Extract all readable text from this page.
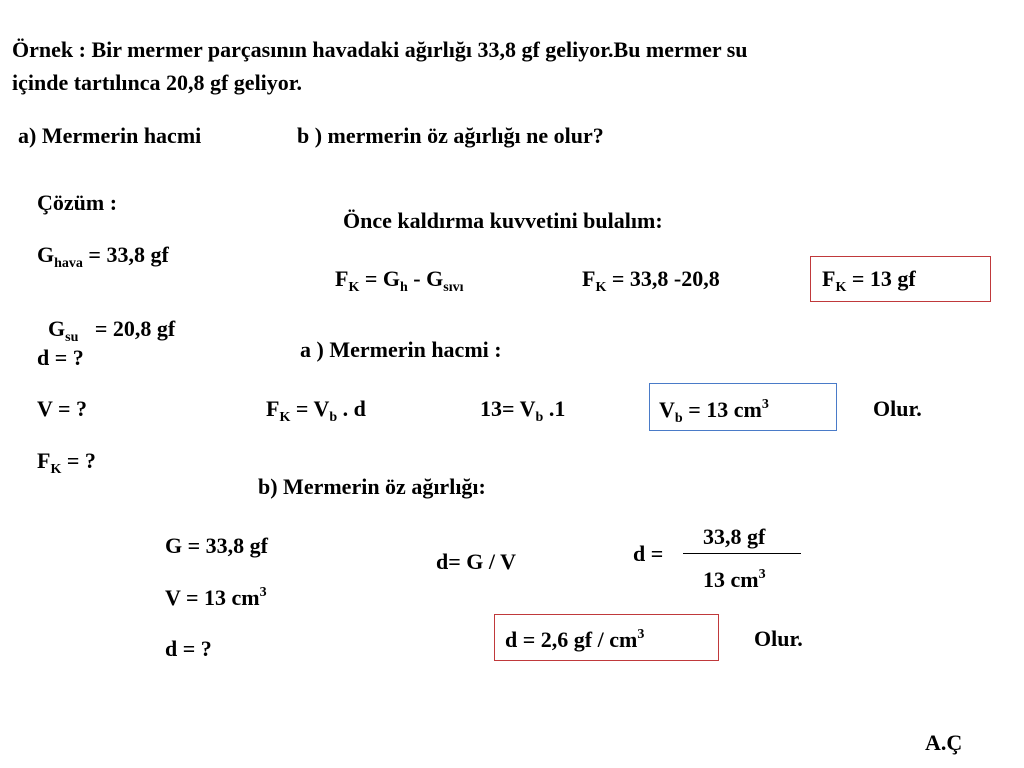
Örnek : Bir mermer parçasının havadaki ağırlığı 33,8 gf geliyor.Bu mermer su
içinde tartılınca 20,8 gf geliyor.
a) Mermerin hacmi	b ) mermerin öz ağırlığı ne olur?
Çözüm :
$G_{hava} = 33,8$ gf

$G_{su} = 20,8$ gf

d = ?
V = ?
$F_K$ = ?
Önce kaldırma kuvvetini bulalım:
$F_K = G_h - G_{sıvı}$	$F_K = 33,8$ -20,8	$F_K = 13$ gf
a ) Mermerin hacmi :
$F_K = V_b$ . d	$13= V_b$ .1	$V_b = 13$ $cm^3$	Olur.
b) Mermerin öz ağırlığı:
G = 33,8 gf
V = 13 $cm^3$
d = ?
d= G / V	d =
33,8 gf
13 $cm^3$
d = 2,6 gf / $cm^3$	Olur.
A.Ç
